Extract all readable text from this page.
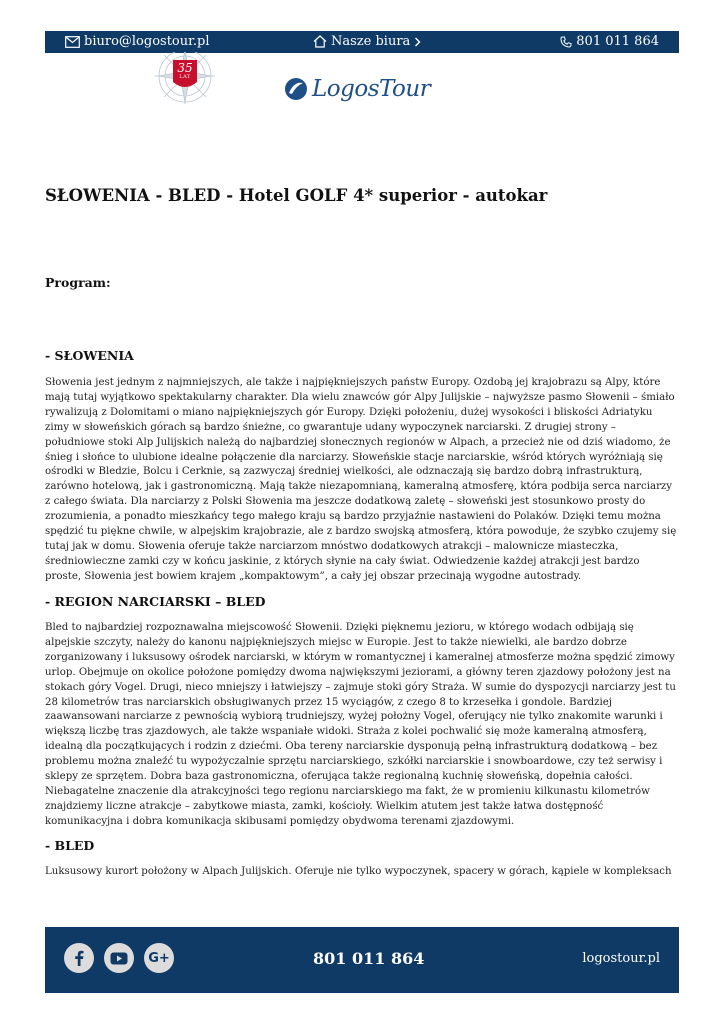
biuro@logostour.pl	Nasze biura	801 011 864
35
LAT	LogosTour
SŁOWENIA - BLED - Hotel GOLF 4* superior - autokar
Program:
- SŁOWENIA

Słowenia jest jednym z najmniejszych, ale także i najpiękniejszych państw Europy. Ozdobą jej krajobrazu są Alpy, które mają tutaj wyjątkowo spektakularny charakter. Dla wielu znawców gór Alpy Julijskie – najwyższe pasmo Słowenii – śmiało rywalizują z Dolomitami o miano najpiękniejszych gór Europy. Dzięki położeniu, dużej wysokości i bliskości Adriatyku zimy w słoweńskich górach są bardzo śnieżne, co gwarantuje udany wypoczynek narciarski. Z drugiej strony – południowe stoki Alp Julijskich należą do najbardziej słonecznych regionów w Alpach, a przecież nie od dziś wiadomo, że śnieg i słońce to ulubione idealne połączenie dla narciarzy. Słoweńskie stacje narciarskie, wśród których wyróżniają się ośrodki w Bledzie, Bolcu i Cerknie, są zazwyczaj średniej wielkości, ale odznaczają się bardzo dobrą infrastrukturą, zarówno hotelową, jak i gastronomiczną. Mają także niezapomnianą, kameralną atmosferę, która podbija serca narciarzy z całego świata. Dla narciarzy z Polski Słowenia ma jeszcze dodatkową zaletę – słoweński jest stosunkowo prosty do zrozumienia, a ponadto mieszkańcy tego małego kraju są bardzo przyjaźnie nastawieni do Polaków. Dzięki temu można spędzić tu piękne chwile, w alpejskim krajobrazie, ale z bardzo swojską atmosferą, która powoduje, że szybko czujemy się tutaj jak w domu. Słowenia oferuje także narciarzom mnóstwo dodatkowych atrakcji – malownicze miasteczka, średniowieczne zamki czy w końcu jaskinie, z których słynie na cały świat. Odwiedzenie każdej atrakcji jest bardzo proste, Słowenia jest bowiem krajem „kompaktowym”, a cały jej obszar przecinają wygodne autostrady.

- REGION NARCIARSKI – BLED

Bled to najbardziej rozpoznawalna miejscowość Słowenii. Dzięki pięknemu jezioru, w którego wodach odbijają się alpejskie szczyty, należy do kanonu najpiękniejszych miejsc w Europie. Jest to także niewielki, ale bardzo dobrze zorganizowany i luksusowy ośrodek narciarski, w którym w romantycznej i kameralnej atmosferze można spędzić zimowy urlop. Obejmuje on okolice położone pomiędzy dwoma największymi jeziorami, a główny teren zjazdowy położony jest na stokach góry Vogel. Drugi, nieco mniejszy i łatwiejszy – zajmuje stoki góry Straża. W sumie do dyspozycji narciarzy jest tu 28 kilometrów tras narciarskich obsługiwanych przez 15 wyciągów, z czego 8 to krzesełka i gondole. Bardziej zaawansowani narciarze z pewnością wybiorą trudniejszy, wyżej położny Vogel, oferujący nie tylko znakomite warunki i większą liczbę tras zjazdowych, ale także wspaniałe widoki. Straża z kolei pochwalić się może kameralną atmosferą, idealną dla początkujących i rodzin z dziećmi. Oba tereny narciarskie dysponują pełną infrastrukturą dodatkową – bez problemu można znaleźć tu wypożyczalnie sprzętu narciarskiego, szkółki narciarskie i snowboardowe, czy też serwisy i sklepy ze sprzętem. Dobra baza gastronomiczna, oferująca także regionalną kuchnię słoweńską, dopełnia całości. Niebagatelne znaczenie dla atrakcyjności tego regionu narciarskiego ma fakt, że w promieniu kilkunastu kilometrów znajdziemy liczne atrakcje – zabytkowe miasta, zamki, kościoły. Wielkim atutem jest także łatwa dostępność komunikacyjna i dobra komunikacja skibusami pomiędzy obydwoma terenami zjazdowymi.

- BLED

Luksusowy kurort położony w Alpach Julijskich. Oferuje nie tylko wypoczynek, spacery w górach, kąpiele w kompleksach

G+	801 011 864	logostour.pl
